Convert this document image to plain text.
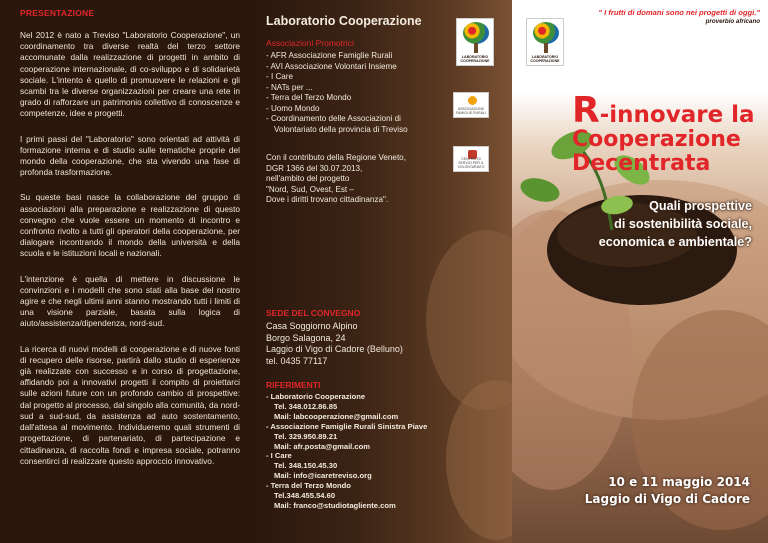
PRESENTAZIONE

Nel 2012 è nato a Treviso "Laboratorio Cooperazione", un coordinamento tra diverse realtà del terzo settore accomunate dalla realizzazione di progetti in ambito di cooperazione internazionale, di co-sviluppo e di solidarietà sociale. L'intento è quello di promuovere le relazioni e gli scambi tra le diverse organizzazioni per creare una rete in grado di rafforzare un patrimonio collettivo di conoscenze e competenze, idee e progetti.

I primi passi del "Laboratorio" sono orientati ad attività di formazione interna e di studio sulle tematiche proprie del mondo della cooperazione, che sta vivendo una fase di profonda trasformazione.

Su queste basi nasce la collaborazione del gruppo di associazioni alla preparazione e realizzazione di questo convegno che vuole essere un momento di incontro e confronto rivolto a tutti gli operatori della cooperazione, per dialogare incontrando il mondo della università e della scuola e le istituzioni locali e nazionali.

L'intenzione è quella di mettere in discussione le convinzioni e i modelli che sono stati alla base del nostro agire e che negli ultimi anni stanno mostrando tutti i limiti di una visione parziale, basata sulla logica di aiuto/assistenza/dipendenza, nord-sud.

La ricerca di nuovi modelli di cooperazione e di nuove fonti di recupero delle risorse, partirà dallo studio di esperienze già realizzate con successo e in corso di progettazione, affidando poi a innovativi progetti il compito di proiettarci sulle azioni future con un profondo cambio di prospettive: dal progetto al processo, dal singolo alla comunità, da nord-sud a sud-sud, da assistenza ad auto sostentamento, dall'attesa al movimento. Individueremo quali strumenti di progettazione, di partenariato, di partecipazione e cittadinanza, di raccolta fondi e impresa sociale, potranno consentirci di realizzare questo approccio innovativo.

Laboratorio Cooperazione
Associazioni Promotrici
- AFR Associazione Famiglie Rurali
- AVI Associazione Volontari Insieme
- I Care
- NATs per ...
- Terra del Terzo Mondo
- Uomo Mondo
- Coordinamento delle Associazioni di
Volontariato della provincia di Treviso
Con il contributo della Regione Veneto,
DGR 1366 del 30.07.2013,
nell'ambito del progetto
"Nord, Sud, Ovest, Est –
Dove i diritti trovano cittadinanza".
LABORATORIO COOPERAZIONE
ASSOCIAZIONE FAMIGLIE RURALI
CENTRO DI SERVIZI PER IL VOLONTARIATO
SEDE DEL CONVEGNO
Casa Soggiorno Alpino
Borgo Salagona, 24
Laggio di Vigo di Cadore (Belluno)
tel. 0435 77117
RIFERIMENTI
- Laboratorio Cooperazione
Tel. 348.012.86.85
Mail: labcooperazione@gmail.com
- Associazione Famiglie Rurali Sinistra Piave
Tel. 329.950.89.21
Mail: afr.posta@gmail.com
- I Care
Tel. 348.150.45.30
Mail: info@icaretreviso.org
- Terra del Terzo Mondo
Tel.348.455.54.60
Mail: franco@studiotagliente.com
LABORATORIO COOPERAZIONE
" I frutti di domani sono nei progetti di oggi."
proverbio africano
R-innovare la
Cooperazione
Decentrata
Quali prospettive
di sostenibilità sociale,
economica e ambientale?
10 e 11 maggio 2014
Laggio di Vigo di Cadore
